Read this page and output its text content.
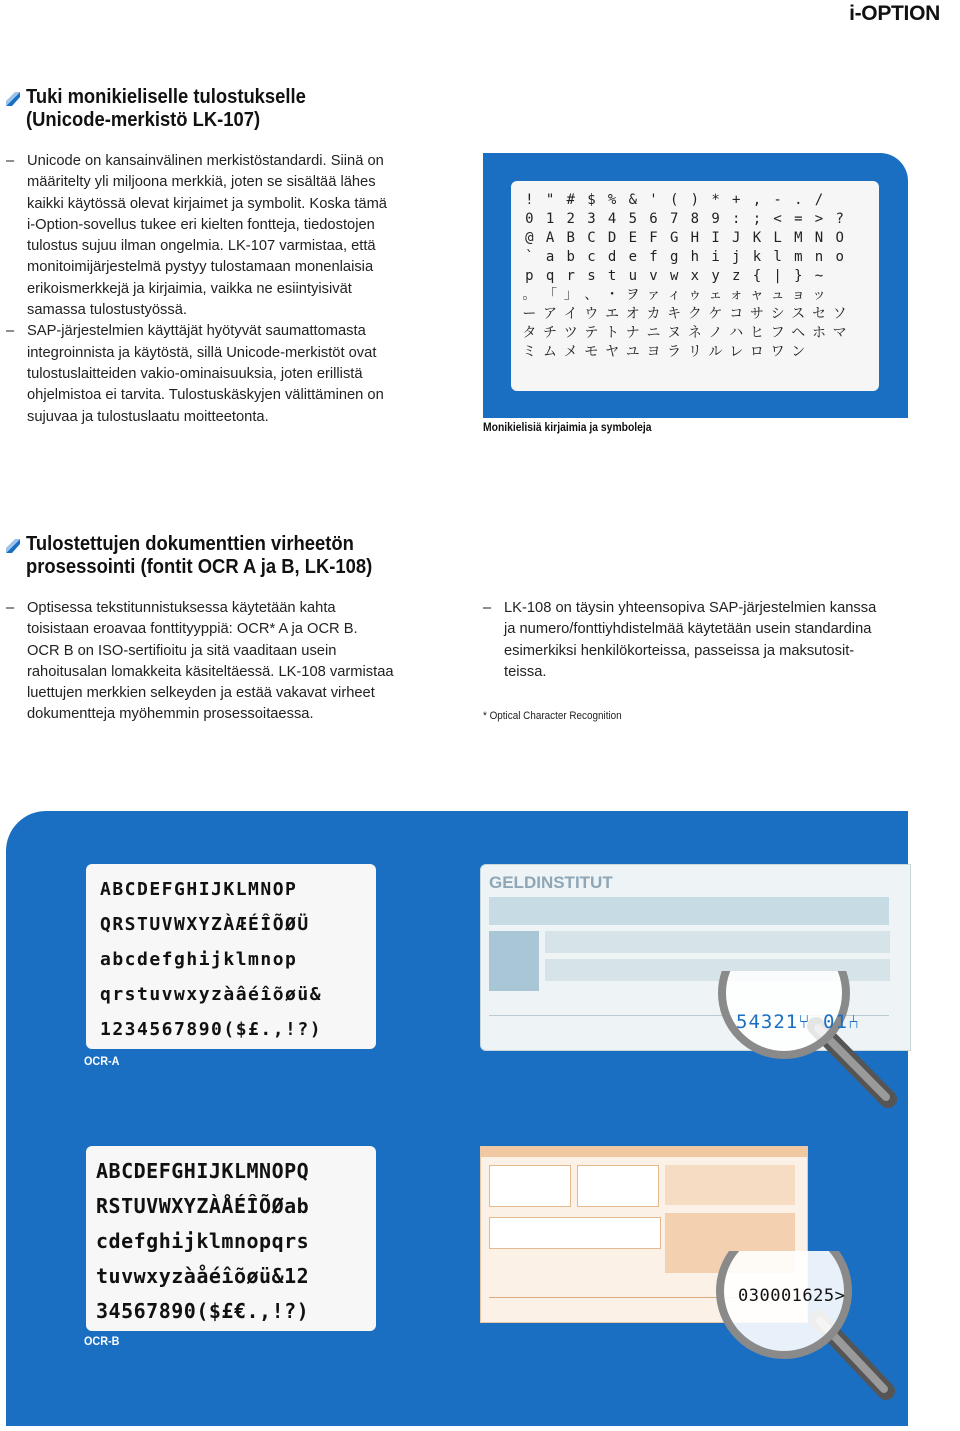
i-OPTION
Tuki monikieliselle tulostukselle
(Unicode-merkistö LK-107)
– Unicode on kansainvälinen merkistöstandardi. Siinä on
määritelty yli miljoona merkkiä, joten se sisältää lähes
kaikki käytössä olevat kirjaimet ja symbolit. Koska tämä
i-Option-sovellus tukee eri kielten fontteja, tiedostojen
tulostus sujuu ilman ongelmia. LK-107 varmistaa, että
monitoimijärjestelmä pystyy tulostamaan monenlaisia
erikoismerkkejä ja kirjaimia, vaikka ne esiintyisivät
samassa tulostustyössä.
– SAP-järjestelmien käyttäjät hyötyvät saumattomasta
integroinnista ja käytöstä, sillä Unicode-merkistöt ovat
tulostuslaitteiden vakio-ominaisuuksia, joten erillistä
ohjelmistoa ei tarvita. Tulostuskäskyjen välittäminen on
sujuvaa ja tulostuslaatu moitteetonta.
! " # $ % & ' ( ) * + , - . /
0 1 2 3 4 5 6 7 8 9 : ; < = > ?
@ A B C D E F G H I J K L M N O
` a b c d e f g h i j k l m n o
p q r s t u v w x y z { | } ~
。 「 」 、 ・ ヲ ァ ィ ゥ ェ ォ ャ ュ ョ ッ
ー ア イ ウ エ オ カ キ ク ケ コ サ シ ス セ ソ
タ チ ツ テ ト ナ ニ ヌ ネ ノ ハ ヒ フ ヘ ホ マ
ミ ム メ モ ヤ ユ ヨ ラ リ ル レ ロ ワ ン
Monikielisiä kirjaimia ja symboleja
Tulostettujen dokumenttien virheetön
prosessointi (fontit OCR A ja B, LK-108)
– Optisessa tekstitunnistuksessa käytetään kahta
toisistaan eroavaa fonttityyppiä: OCR* A ja OCR B.
OCR B on ISO-sertifioitu ja sitä vaaditaan usein
rahoitusalan lomakkeita käsiteltäessä. LK-108 varmistaa
luettujen merkkien selkeyden ja estää vakavat virheet
dokumentteja myöhemmin prosessoitaessa.
– LK-108 on täysin yhteensopiva SAP-järjestelmien kanssa
ja numero/fonttiyhdistelmää käytetään usein standardina
esimerkiksi henkilökorteissa, passeissa ja maksutosit-
teissa.
* Optical Character Recognition
ABCDEFGHIJKLMNOP
QRSTUVWXYZÀÆÉÎÕØÜ
abcdefghijklmnop
qrstuvwxyzàâéîõøü&
1234567890($£.,!?)
OCR-A
GELDINSTITUT
54321⑂ 01⑃
ABCDEFGHIJKLMNOPQ
RSTUVWXYZÀÅÉÎÕØab
cdefghijklmnopqrs
tuvwxyzàåéîõøü&12
34567890($£€.,!?)
OCR-B
030001625>
